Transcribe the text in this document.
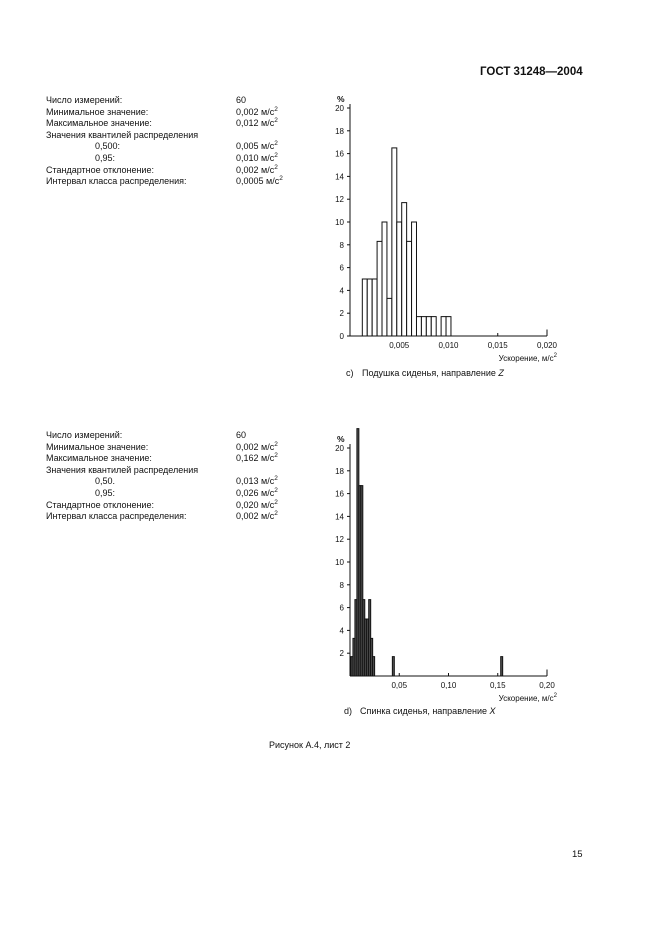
ГОСТ 31248—2004
Число измерений:	60
Минимальное значение:	0,002 $м/с^2$
Максимальное значение:	0,012 $м/с^2$
Значения квантилей распределения
0,500:	0,005 $м/с^2$
0,95:	0,010 $м/с^2$
Стандартное отклонение:	0,002 $м/с^2$
Интервал класса распределения:	0,0005 $м/с^2$
0
2
4
6
8
10
12
14
16
18
20
%
0,005	0,010	0,015	0,020
Ускорение, $м/с^2$
c) Подушка сиденья, направление Z
Число измерений:	60
Минимальное значение:	0,002 $м/с^2$
Максимальное значение:	0,162 $м/с^2$
Значения квантилей распределения
0,50.	0,013 $м/с^2$
0,95:	0,026 $м/с^2$
Стандартное отклонение:	0,020 $м/с^2$
Интервал класса распределения:	0,002 $м/с^2$
2
4
6
8
10
12
14
16
18
20
%
0,05	0,10	0,15	0,20
Ускорение, $м/с^2$
d) Спинка сиденья, направление X
Рисунок А.4, лист 2
15
